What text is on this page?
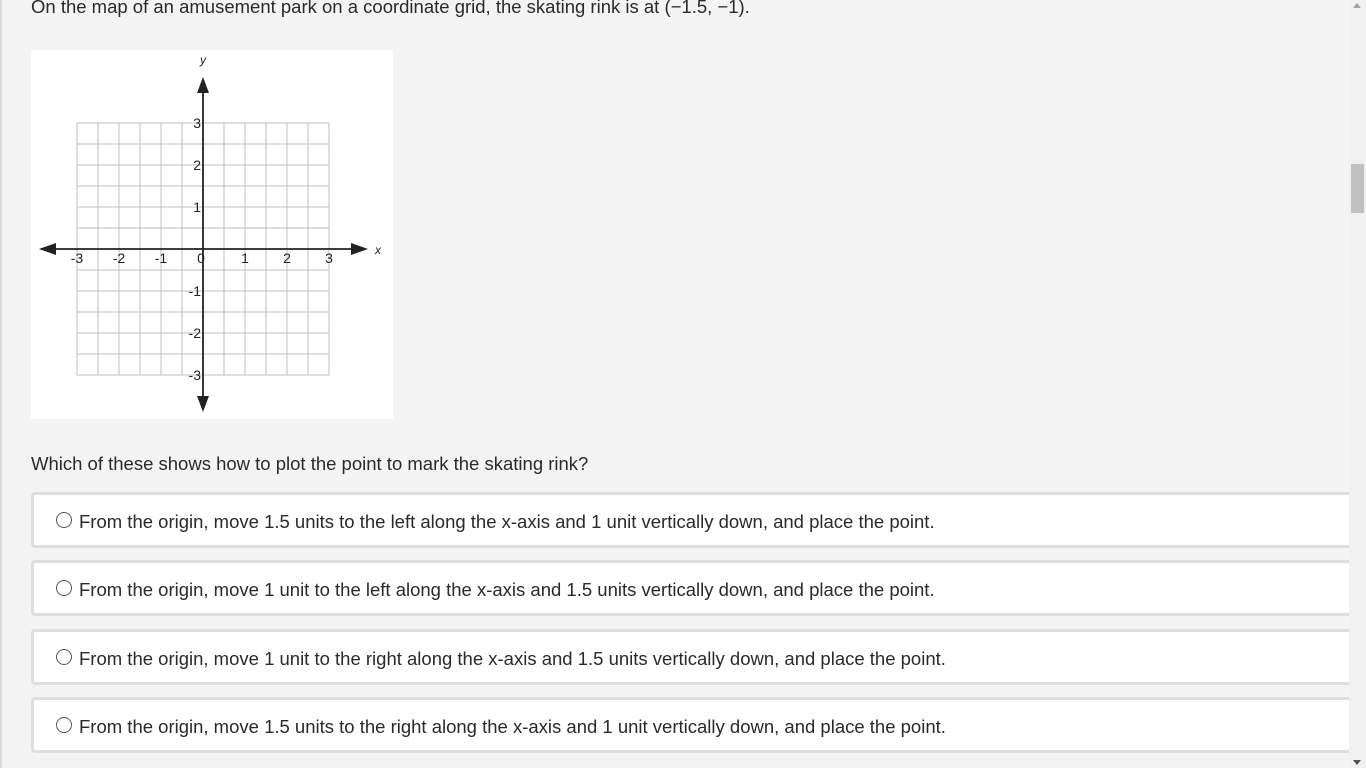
On the map of an amusement park on a coordinate grid, the skating rink is at (−1.5, −1).
x
y
-3 -2 -1 0	1 2 3
3
2
1
-1
-2
-3
Which of these shows how to plot the point to mark the skating rink?
From the origin, move 1.5 units to the left along the x-axis and 1 unit vertically down, and place the point.
From the origin, move 1 unit to the left along the x-axis and 1.5 units vertically down, and place the point.
From the origin, move 1 unit to the right along the x-axis and 1.5 units vertically down, and place the point.
From the origin, move 1.5 units to the right along the x-axis and 1 unit vertically down, and place the point.
